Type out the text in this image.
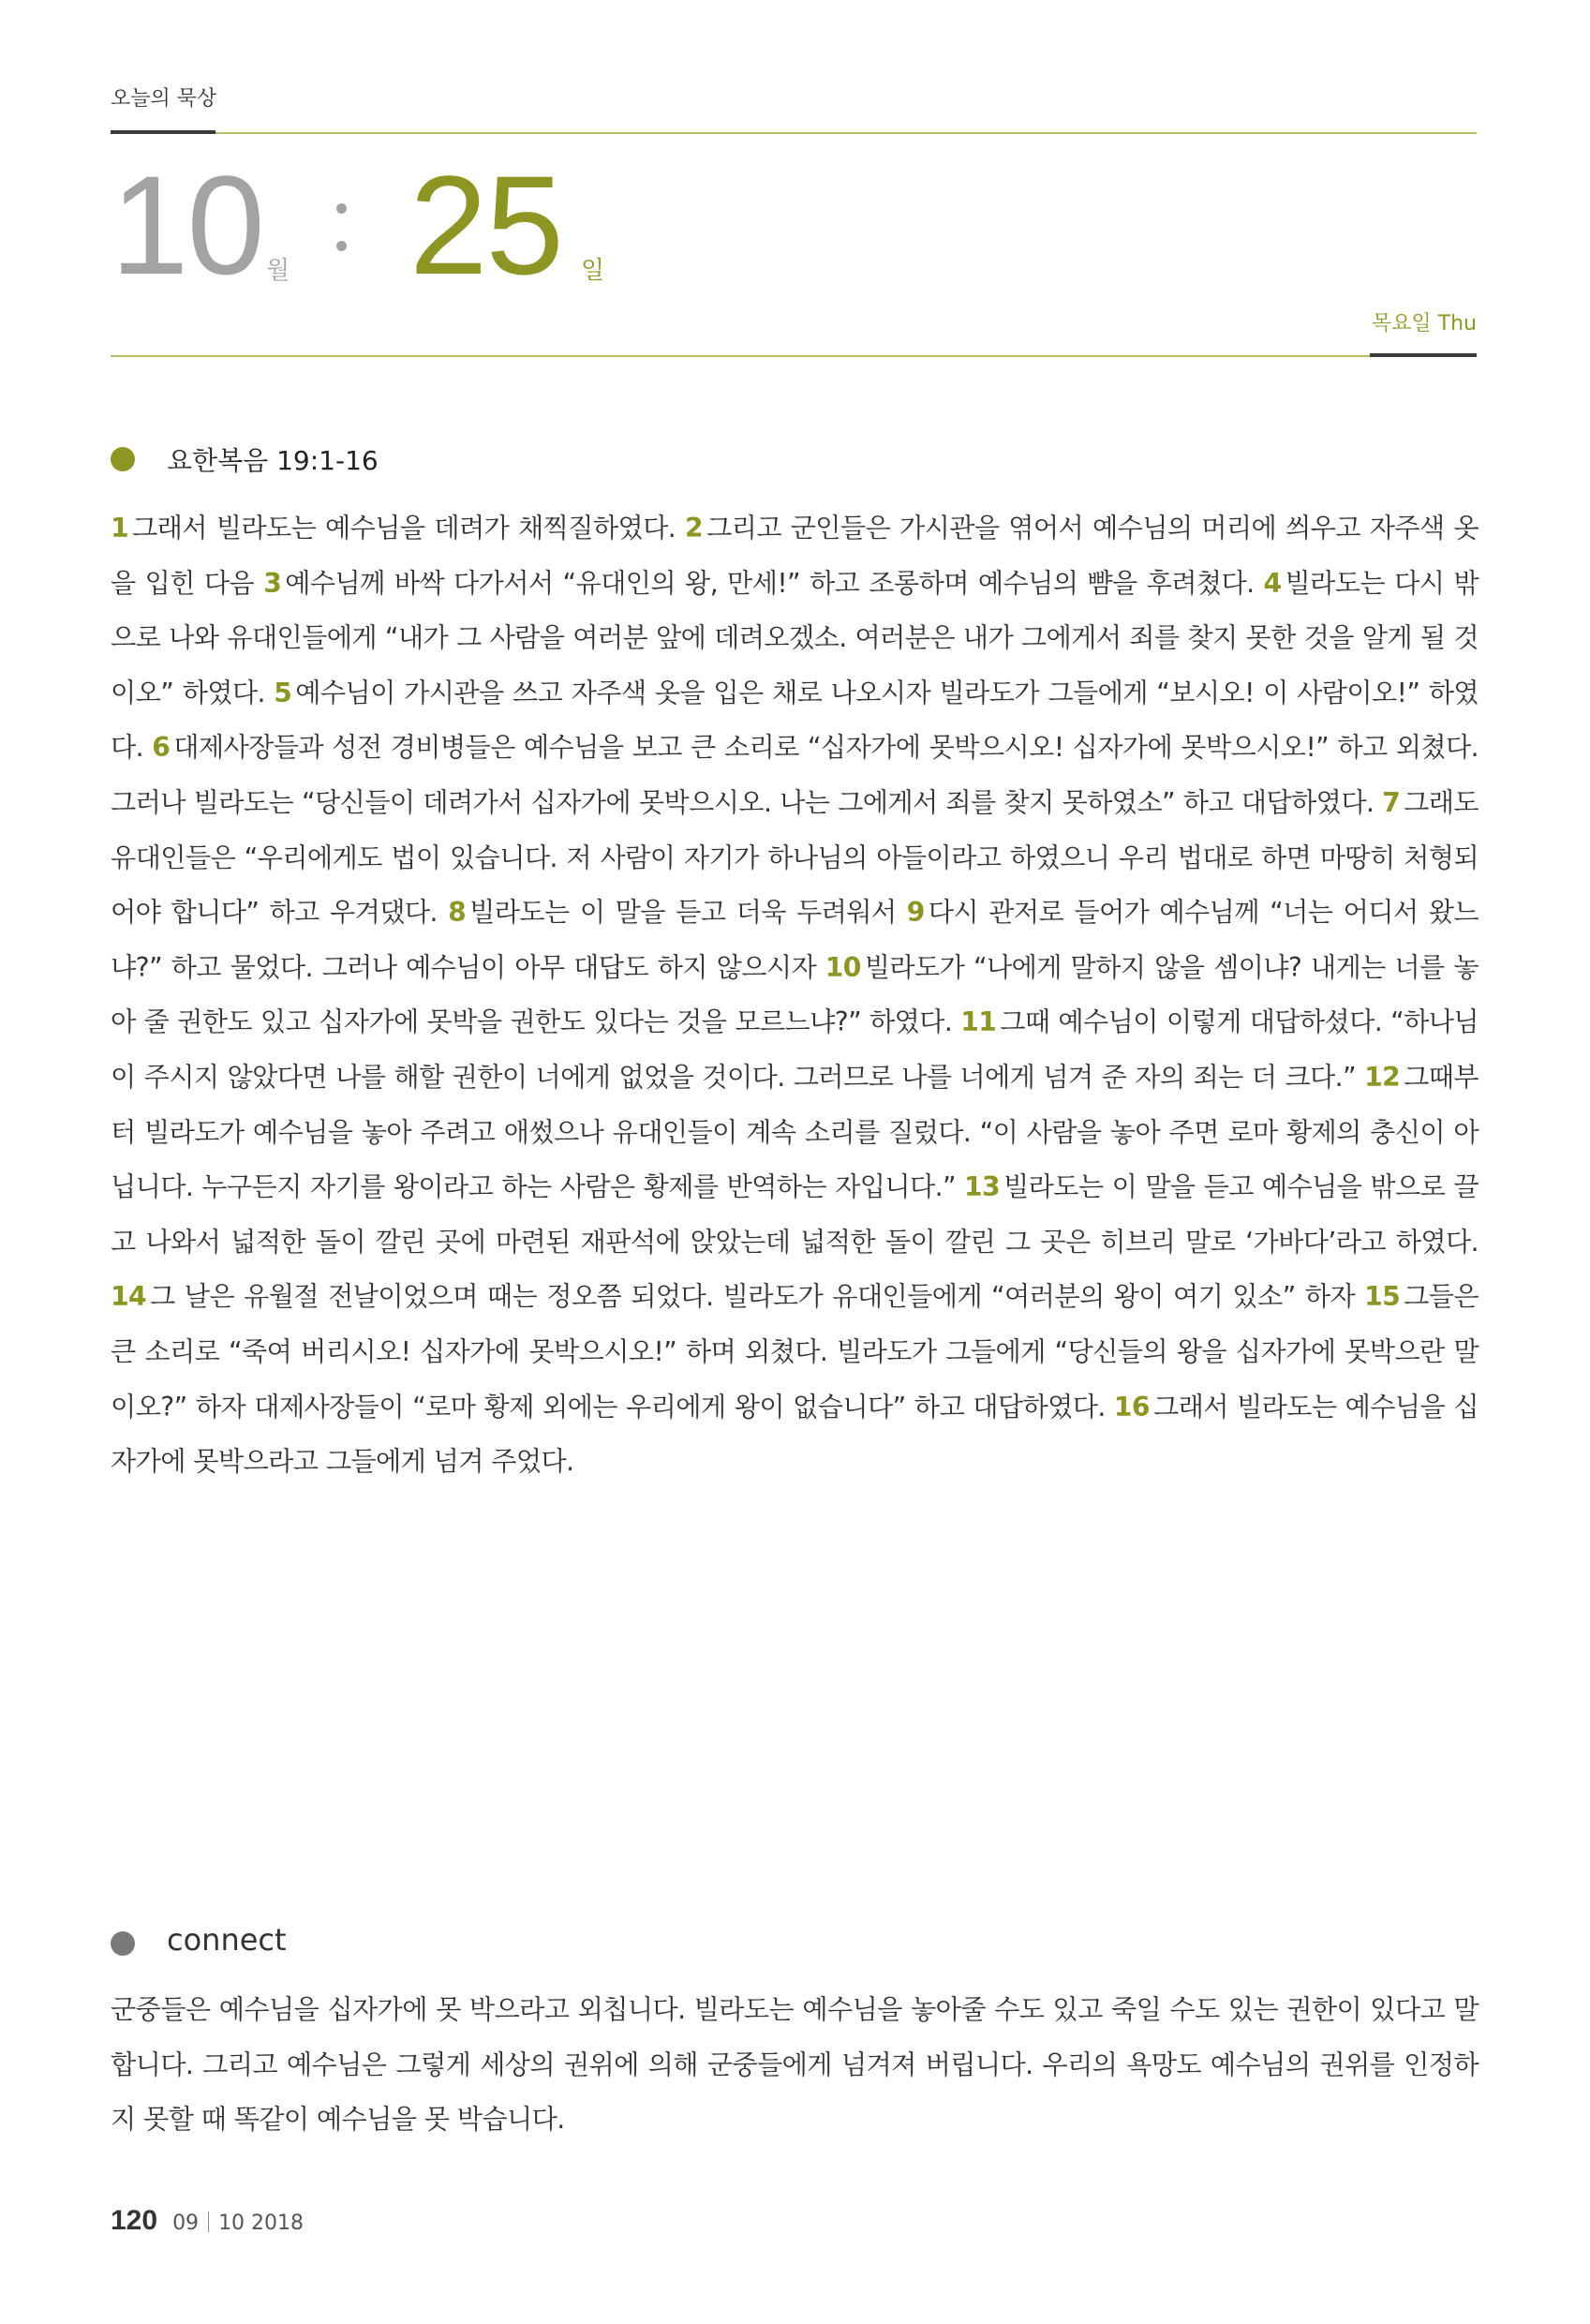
오늘의 묵상
10 월 25 일
목요일 Thu
요한복음 19:1-16
1 그래서 빌라도는 예수님을 데려가 채찍질하였다. 2 그리고 군인들은 가시관을 엮어서 예수님의 머리에 씌우고 자주색 옷을 입힌 다음 3 예수님께 바싹 다가서서 “유대인의 왕, 만세!” 하고 조롱하며 예수님의 뺨을 후려쳤다. 4 빌라도는 다시 밖으로 나와 유대인들에게 “내가 그 사람을 여러분 앞에 데려오겠소. 여러분은 내가 그에게서 죄를 찾지 못한 것을 알게 될 것이오” 하였다. 5 예수님이 가시관을 쓰고 자주색 옷을 입은 채로 나오시자 빌라도가 그들에게 “보시오! 이 사람이오!” 하였다. 6 대제사장들과 성전 경비병들은 예수님을 보고 큰 소리로 “십자가에 못박으시오! 십자가에 못박으시오!” 하고 외쳤다. 그러나 빌라도는 “당신들이 데려가서 십자가에 못박으시오. 나는 그에게서 죄를 찾지 못하였소” 하고 대답하였다. 7 그래도 유대인들은 “우리에게도 법이 있습니다. 저 사람이 자기가 하나님의 아들이라고 하였으니 우리 법대로 하면 마땅히 처형되어야 합니다” 하고 우겨댔다. 8 빌라도는 이 말을 듣고 더욱 두려워서 9 다시 관저로 들어가 예수님께 “너는 어디서 왔느냐?” 하고 물었다. 그러나 예수님이 아무 대답도 하지 않으시자 10 빌라도가 “나에게 말하지 않을 셈이냐? 내게는 너를 놓아 줄 권한도 있고 십자가에 못박을 권한도 있다는 것을 모르느냐?” 하였다. 11 그때 예수님이 이렇게 대답하셨다. “하나님이 주시지 않았다면 나를 해할 권한이 너에게 없었을 것이다. 그러므로 나를 너에게 넘겨 준 자의 죄는 더 크다.” 12 그때부터 빌라도가 예수님을 놓아 주려고 애썼으나 유대인들이 계속 소리를 질렀다. “이 사람을 놓아 주면 로마 황제의 충신이 아닙니다. 누구든지 자기를 왕이라고 하는 사람은 황제를 반역하는 자입니다.” 13 빌라도는 이 말을 듣고 예수님을 밖으로 끌고 나와서 넓적한 돌이 깔린 곳에 마련된 재판석에 앉았는데 넓적한 돌이 깔린 그 곳은 히브리 말로 ‘가바다’라고 하였다. 14 그 날은 유월절 전날이었으며 때는 정오쯤 되었다. 빌라도가 유대인들에게 “여러분의 왕이 여기 있소” 하자 15 그들은 큰 소리로 “죽여 버리시오! 십자가에 못박으시오!” 하며 외쳤다. 빌라도가 그들에게 “당신들의 왕을 십자가에 못박으란 말이오?” 하자 대제사장들이 “로마 황제 외에는 우리에게 왕이 없습니다” 하고 대답하였다. 16 그래서 빌라도는 예수님을 십자가에 못박으라고 그들에게 넘겨 주었다.
connect
군중들은 예수님을 십자가에 못 박으라고 외칩니다. 빌라도는 예수님을 놓아줄 수도 있고 죽일 수도 있는 권한이 있다고 말합니다. 그리고 예수님은 그렇게 세상의 권위에 의해 군중들에게 넘겨져 버립니다. 우리의 욕망도 예수님의 권위를 인정하지 못할 때 똑같이 예수님을 못 박습니다.
120 09 10 2018
